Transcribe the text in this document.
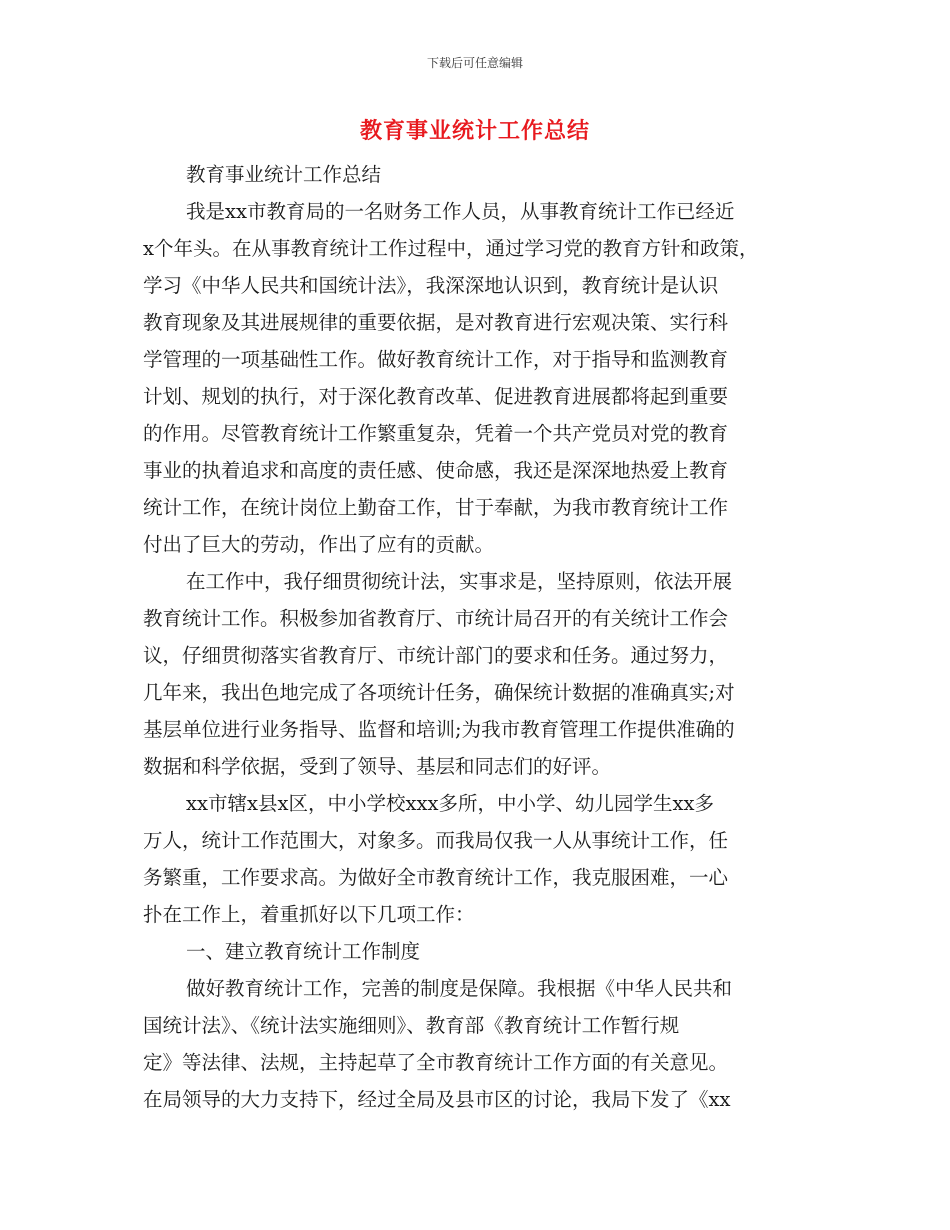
下载后可任意编辑
教育事业统计工作总结
教育事业统计工作总结
我是xx市教育局的一名财务工作人员，从事教育统计工作已经近
x个年头。在从事教育统计工作过程中，通过学习党的教育方针和政策，
学习《中华人民共和国统计法》，我深深地认识到，教育统计是认识
教育现象及其进展规律的重要依据，是对教育进行宏观决策、实行科
学管理的一项基础性工作。做好教育统计工作，对于指导和监测教育
计划、规划的执行，对于深化教育改革、促进教育进展都将起到重要
的作用。尽管教育统计工作繁重复杂，凭着一个共产党员对党的教育
事业的执着追求和高度的责任感、使命感，我还是深深地热爱上教育
统计工作，在统计岗位上勤奋工作，甘于奉献，为我市教育统计工作
付出了巨大的劳动，作出了应有的贡献。
在工作中，我仔细贯彻统计法，实事求是，坚持原则，依法开展
教育统计工作。积极参加省教育厅、市统计局召开的有关统计工作会
议，仔细贯彻落实省教育厅、市统计部门的要求和任务。通过努力，
几年来，我出色地完成了各项统计任务，确保统计数据的准确真实;对
基层单位进行业务指导、监督和培训;为我市教育管理工作提供准确的
数据和科学依据，受到了领导、基层和同志们的好评。
xx市辖x县x区，中小学校xxx多所，中小学、幼儿园学生xx多
万人，统计工作范围大，对象多。而我局仅我一人从事统计工作，任
务繁重，工作要求高。为做好全市教育统计工作，我克服困难，一心
扑在工作上，着重抓好以下几项工作：
一、建立教育统计工作制度
做好教育统计工作，完善的制度是保障。我根据《中华人民共和
国统计法》、《统计法实施细则》、教育部《教育统计工作暂行规
定》等法律、法规，主持起草了全市教育统计工作方面的有关意见。
在局领导的大力支持下，经过全局及县市区的讨论，我局下发了《xx
